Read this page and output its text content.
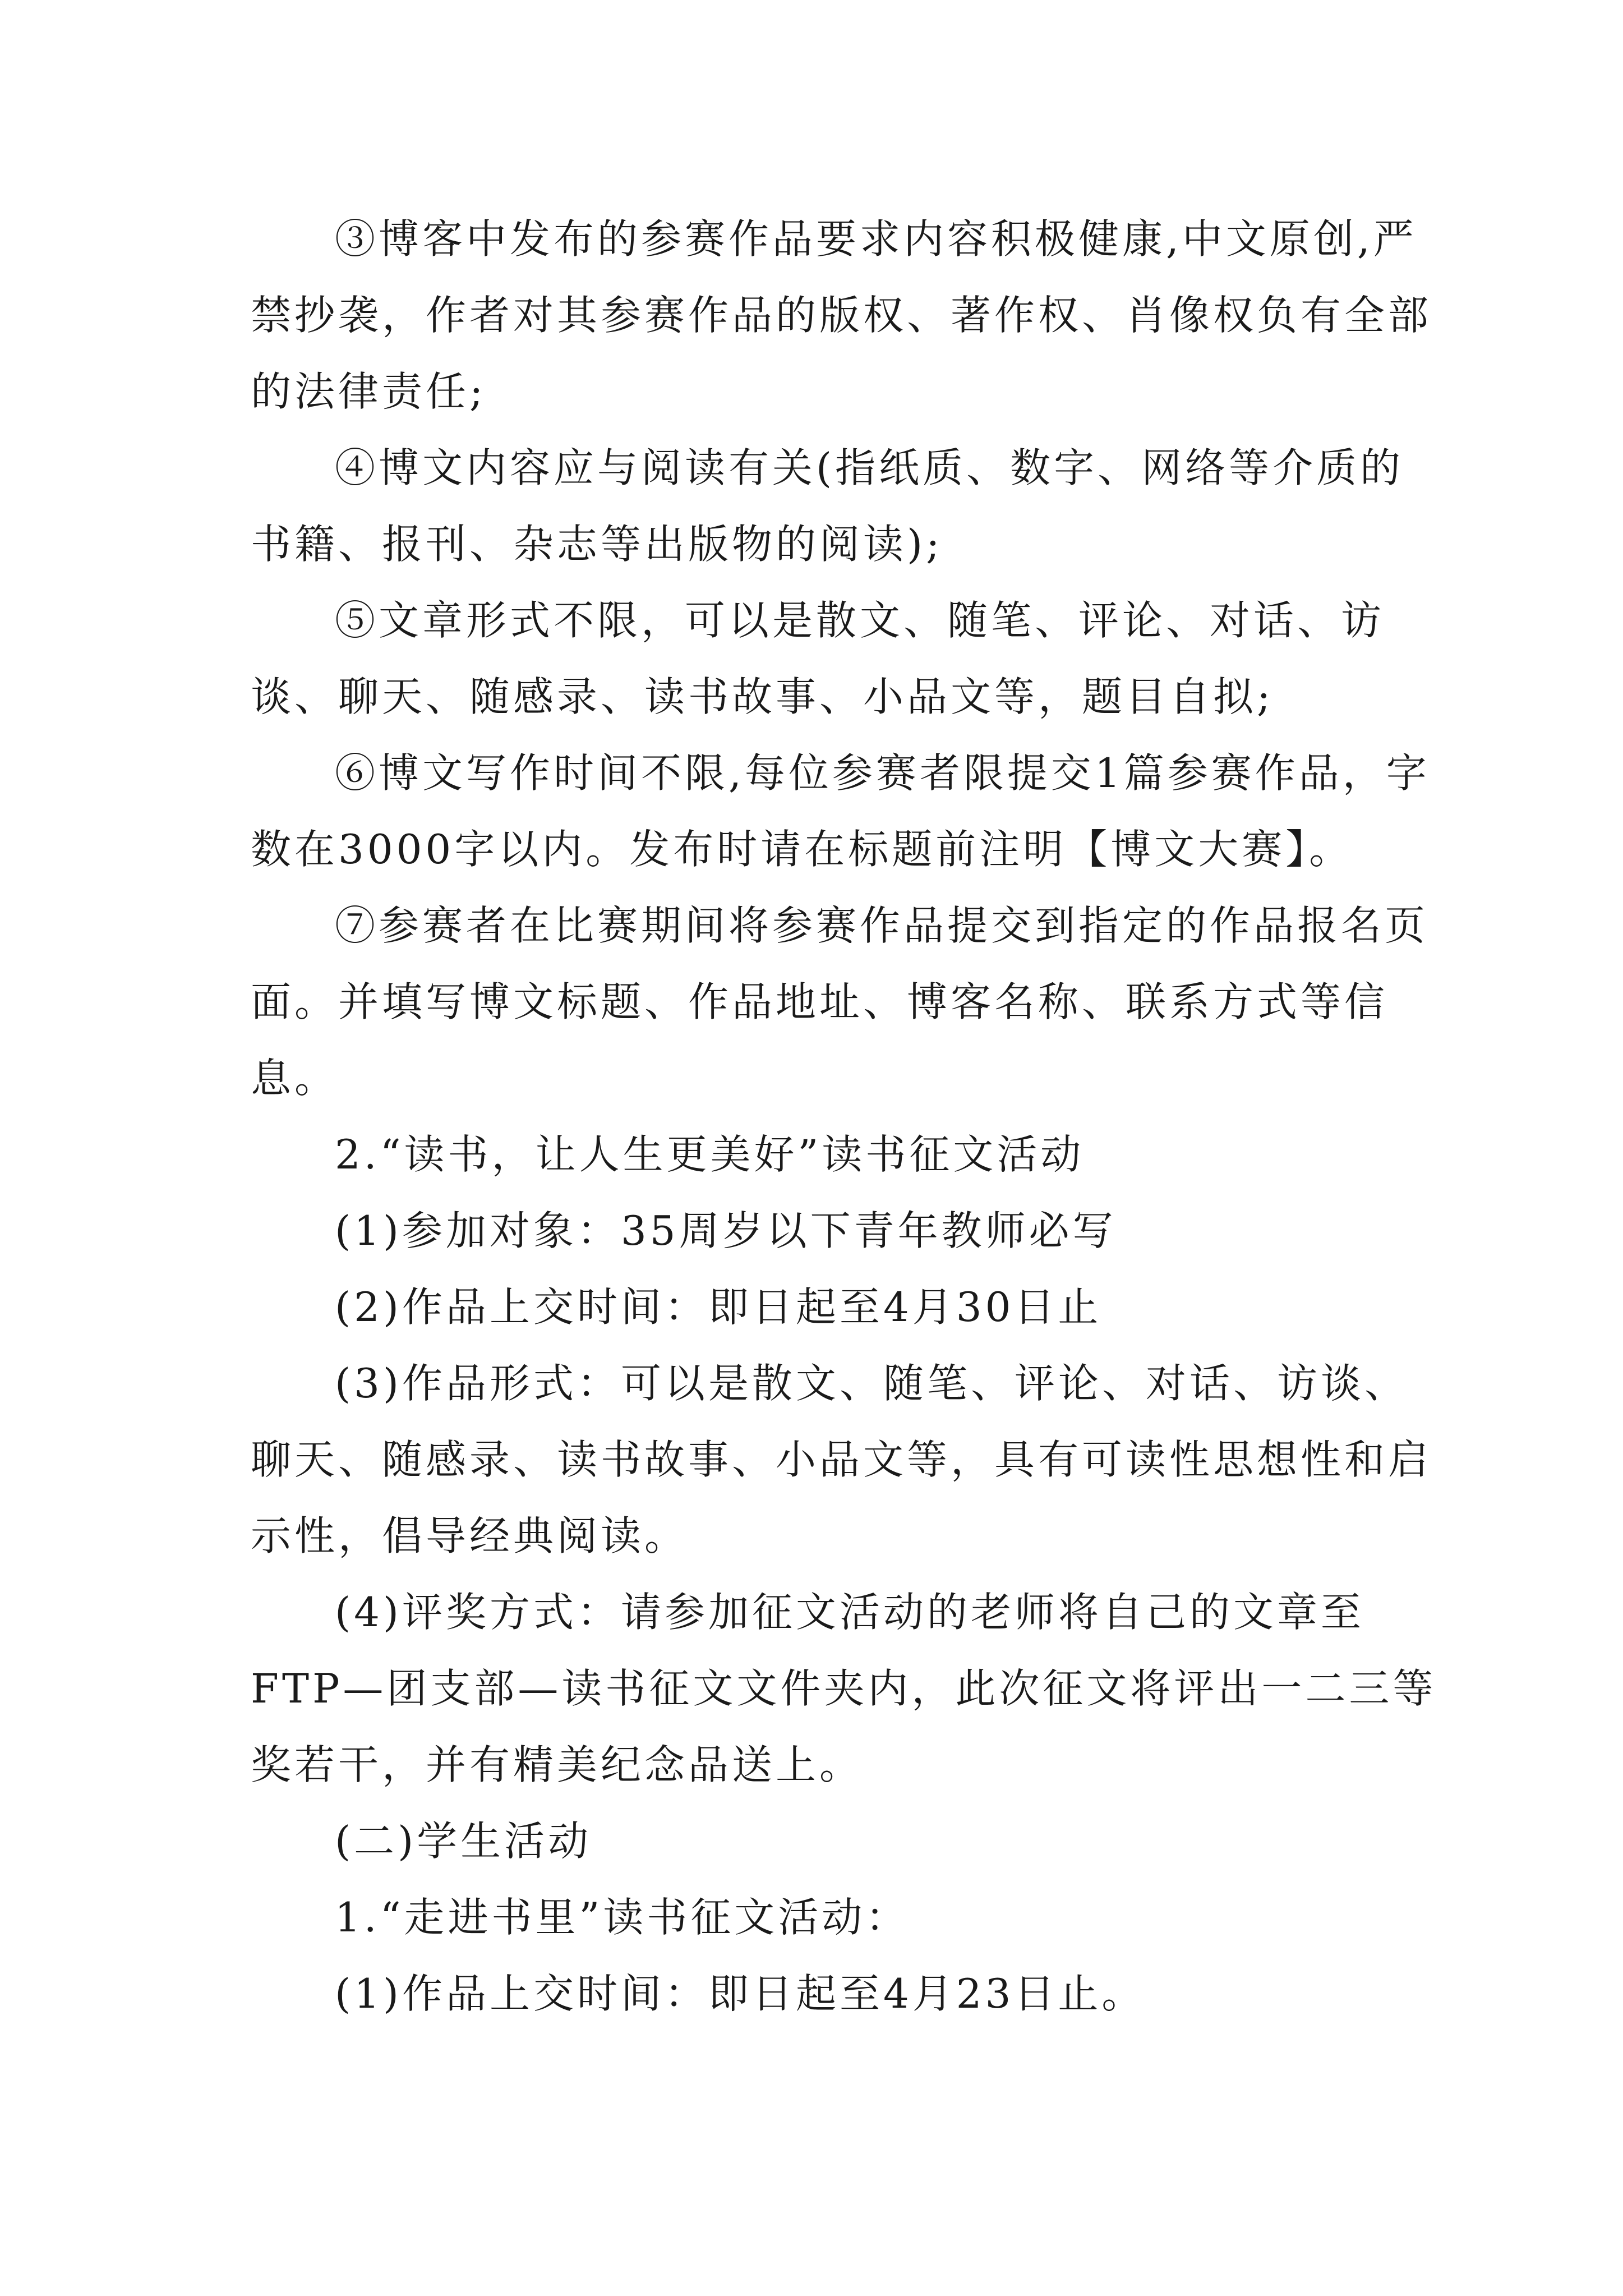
③博客中发布的参赛作品要求内容积极健康,中文原创,严禁抄袭，作者对其参赛作品的版权、著作权、肖像权负有全部的法律责任;

④博文内容应与阅读有关(指纸质、数字、网络等介质的书籍、报刊、杂志等出版物的阅读);

⑤文章形式不限，可以是散文、随笔、评论、对话、访谈、聊天、随感录、读书故事、小品文等，题目自拟;

⑥博文写作时间不限,每位参赛者限提交1篇参赛作品，字数在3000字以内。发布时请在标题前注明【博文大赛】。

⑦参赛者在比赛期间将参赛作品提交到指定的作品报名页面。并填写博文标题、作品地址、博客名称、联系方式等信息。

2.“读书，让人生更美好”读书征文活动

(1)参加对象：35周岁以下青年教师必写

(2)作品上交时间：即日起至4月30日止

(3)作品形式：可以是散文、随笔、评论、对话、访谈、聊天、随感录、读书故事、小品文等，具有可读性思想性和启示性，倡导经典阅读。

(4)评奖方式：请参加征文活动的老师将自己的文章至FTP—团支部—读书征文文件夹内，此次征文将评出一二三等奖若干，并有精美纪念品送上。

(二)学生活动

1.“走进书里”读书征文活动：

(1)作品上交时间：即日起至4月23日止。
